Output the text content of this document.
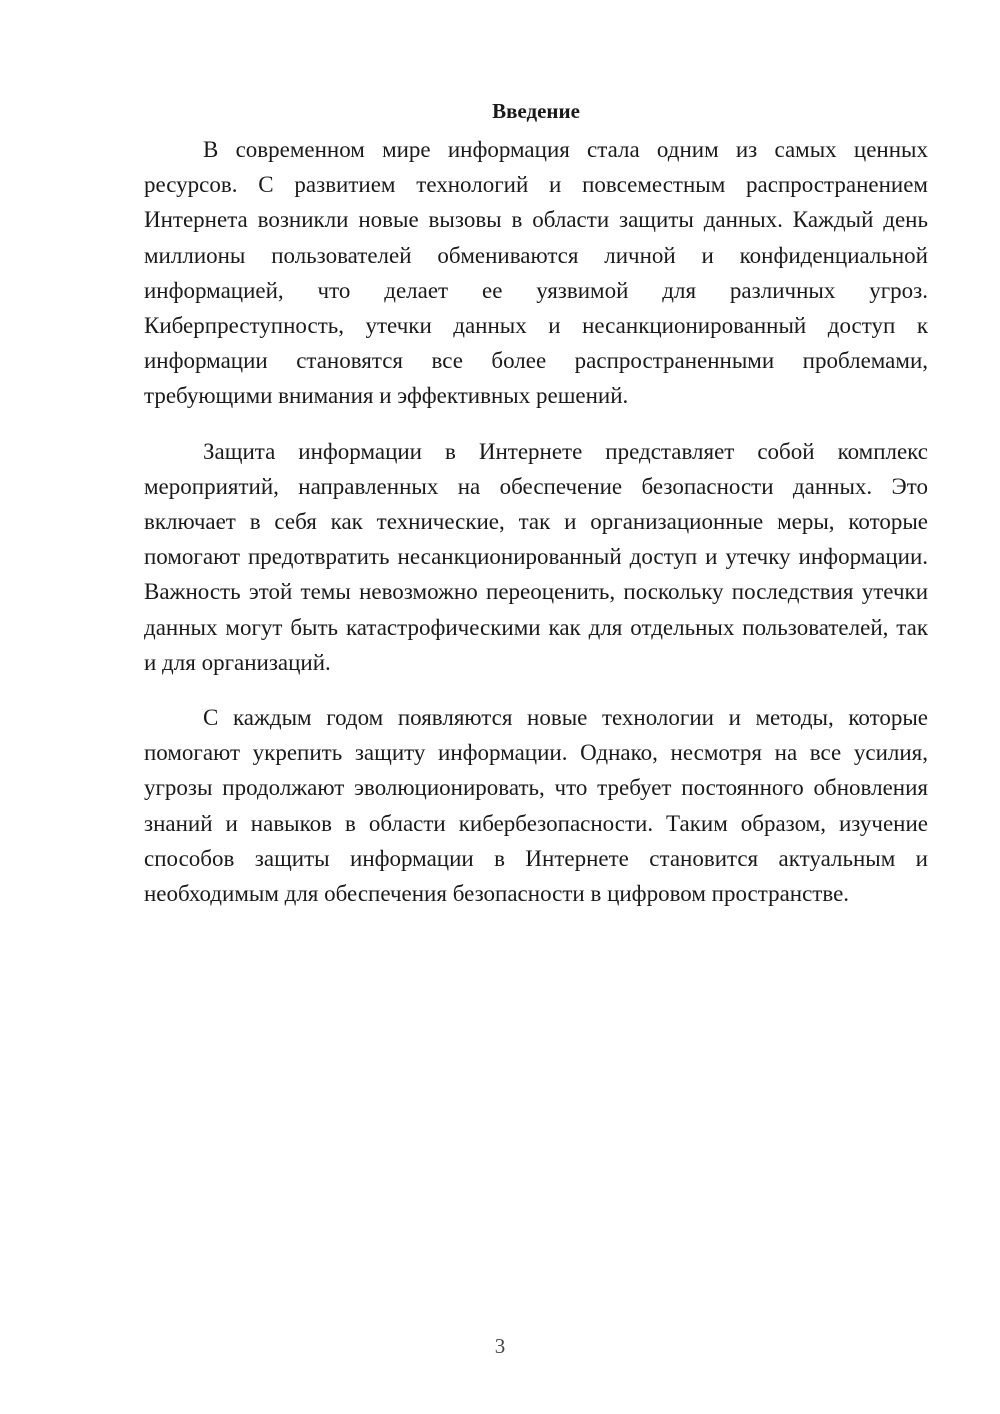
Введение

В современном мире информация стала одним из самых ценных ресурсов. С развитием технологий и повсеместным распространением Интернета возникли новые вызовы в области защиты данных. Каждый день миллионы пользователей обмениваются личной и конфиденциальной информацией, что делает ее уязвимой для различных угроз. Киберпреступность, утечки данных и несанкционированный доступ к информации становятся все более распространенными проблемами, требующими внимания и эффективных решений.

Защита информации в Интернете представляет собой комплекс мероприятий, направленных на обеспечение безопасности данных. Это включает в себя как технические, так и организационные меры, которые помогают предотвратить несанкционированный доступ и утечку информации. Важность этой темы невозможно переоценить, поскольку последствия утечки данных могут быть катастрофическими как для отдельных пользователей, так и для организаций.

С каждым годом появляются новые технологии и методы, которые помогают укрепить защиту информации. Однако, несмотря на все усилия, угрозы продолжают эволюционировать, что требует постоянного обновления знаний и навыков в области кибербезопасности. Таким образом, изучение способов защиты информации в Интернете становится актуальным и необходимым для обеспечения безопасности в цифровом пространстве.

3
